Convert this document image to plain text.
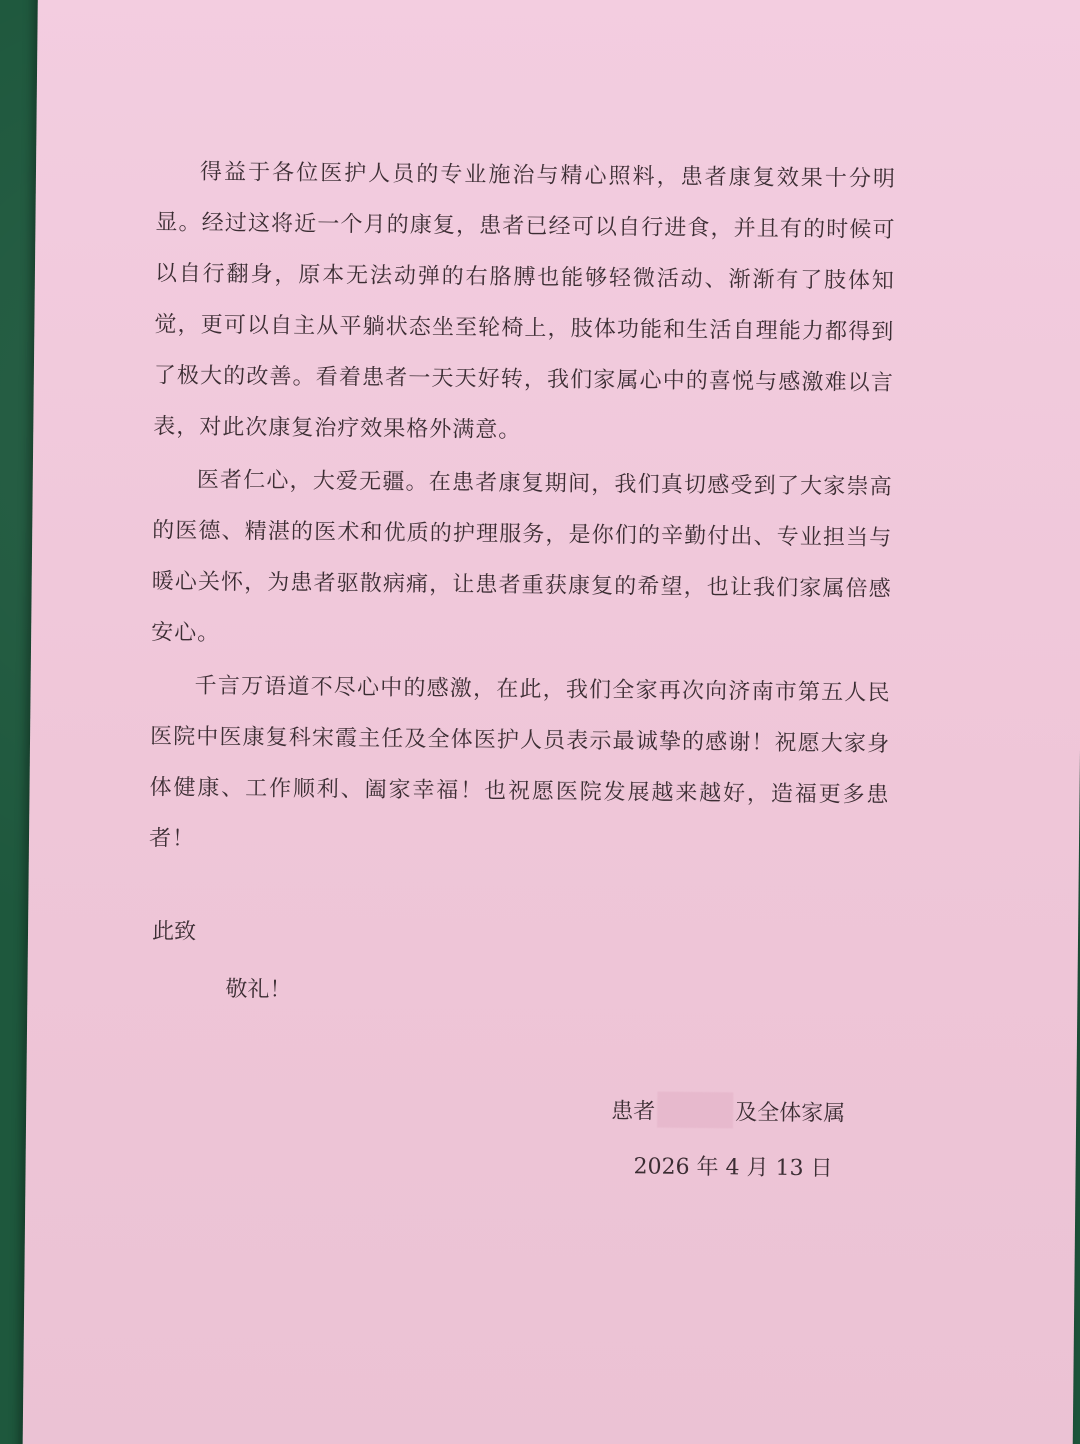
得益于各位医护人员的专业施治与精心照料，患者康复效果十分明显。经过这将近一个月的康复，患者已经可以自行进食，并且有的时候可以自行翻身，原本无法动弹的右胳膊也能够轻微活动、渐渐有了肢体知觉，更可以自主从平躺状态坐至轮椅上，肢体功能和生活自理能力都得到了极大的改善。看着患者一天天好转，我们家属心中的喜悦与感激难以言表，对此次康复治疗效果格外满意。

医者仁心，大爱无疆。在患者康复期间，我们真切感受到了大家崇高的医德、精湛的医术和优质的护理服务，是你们的辛勤付出、专业担当与暖心关怀，为患者驱散病痛，让患者重获康复的希望，也让我们家属倍感安心。

千言万语道不尽心中的感激，在此，我们全家再次向济南市第五人民医院中医康复科宋霞主任及全体医护人员表示最诚挚的感谢！祝愿大家身体健康、工作顺利、阖家幸福！也祝愿医院发展越来越好，造福更多患者！

此致
敬礼！
患者	及全体家属
2026 年 4 月 13 日
